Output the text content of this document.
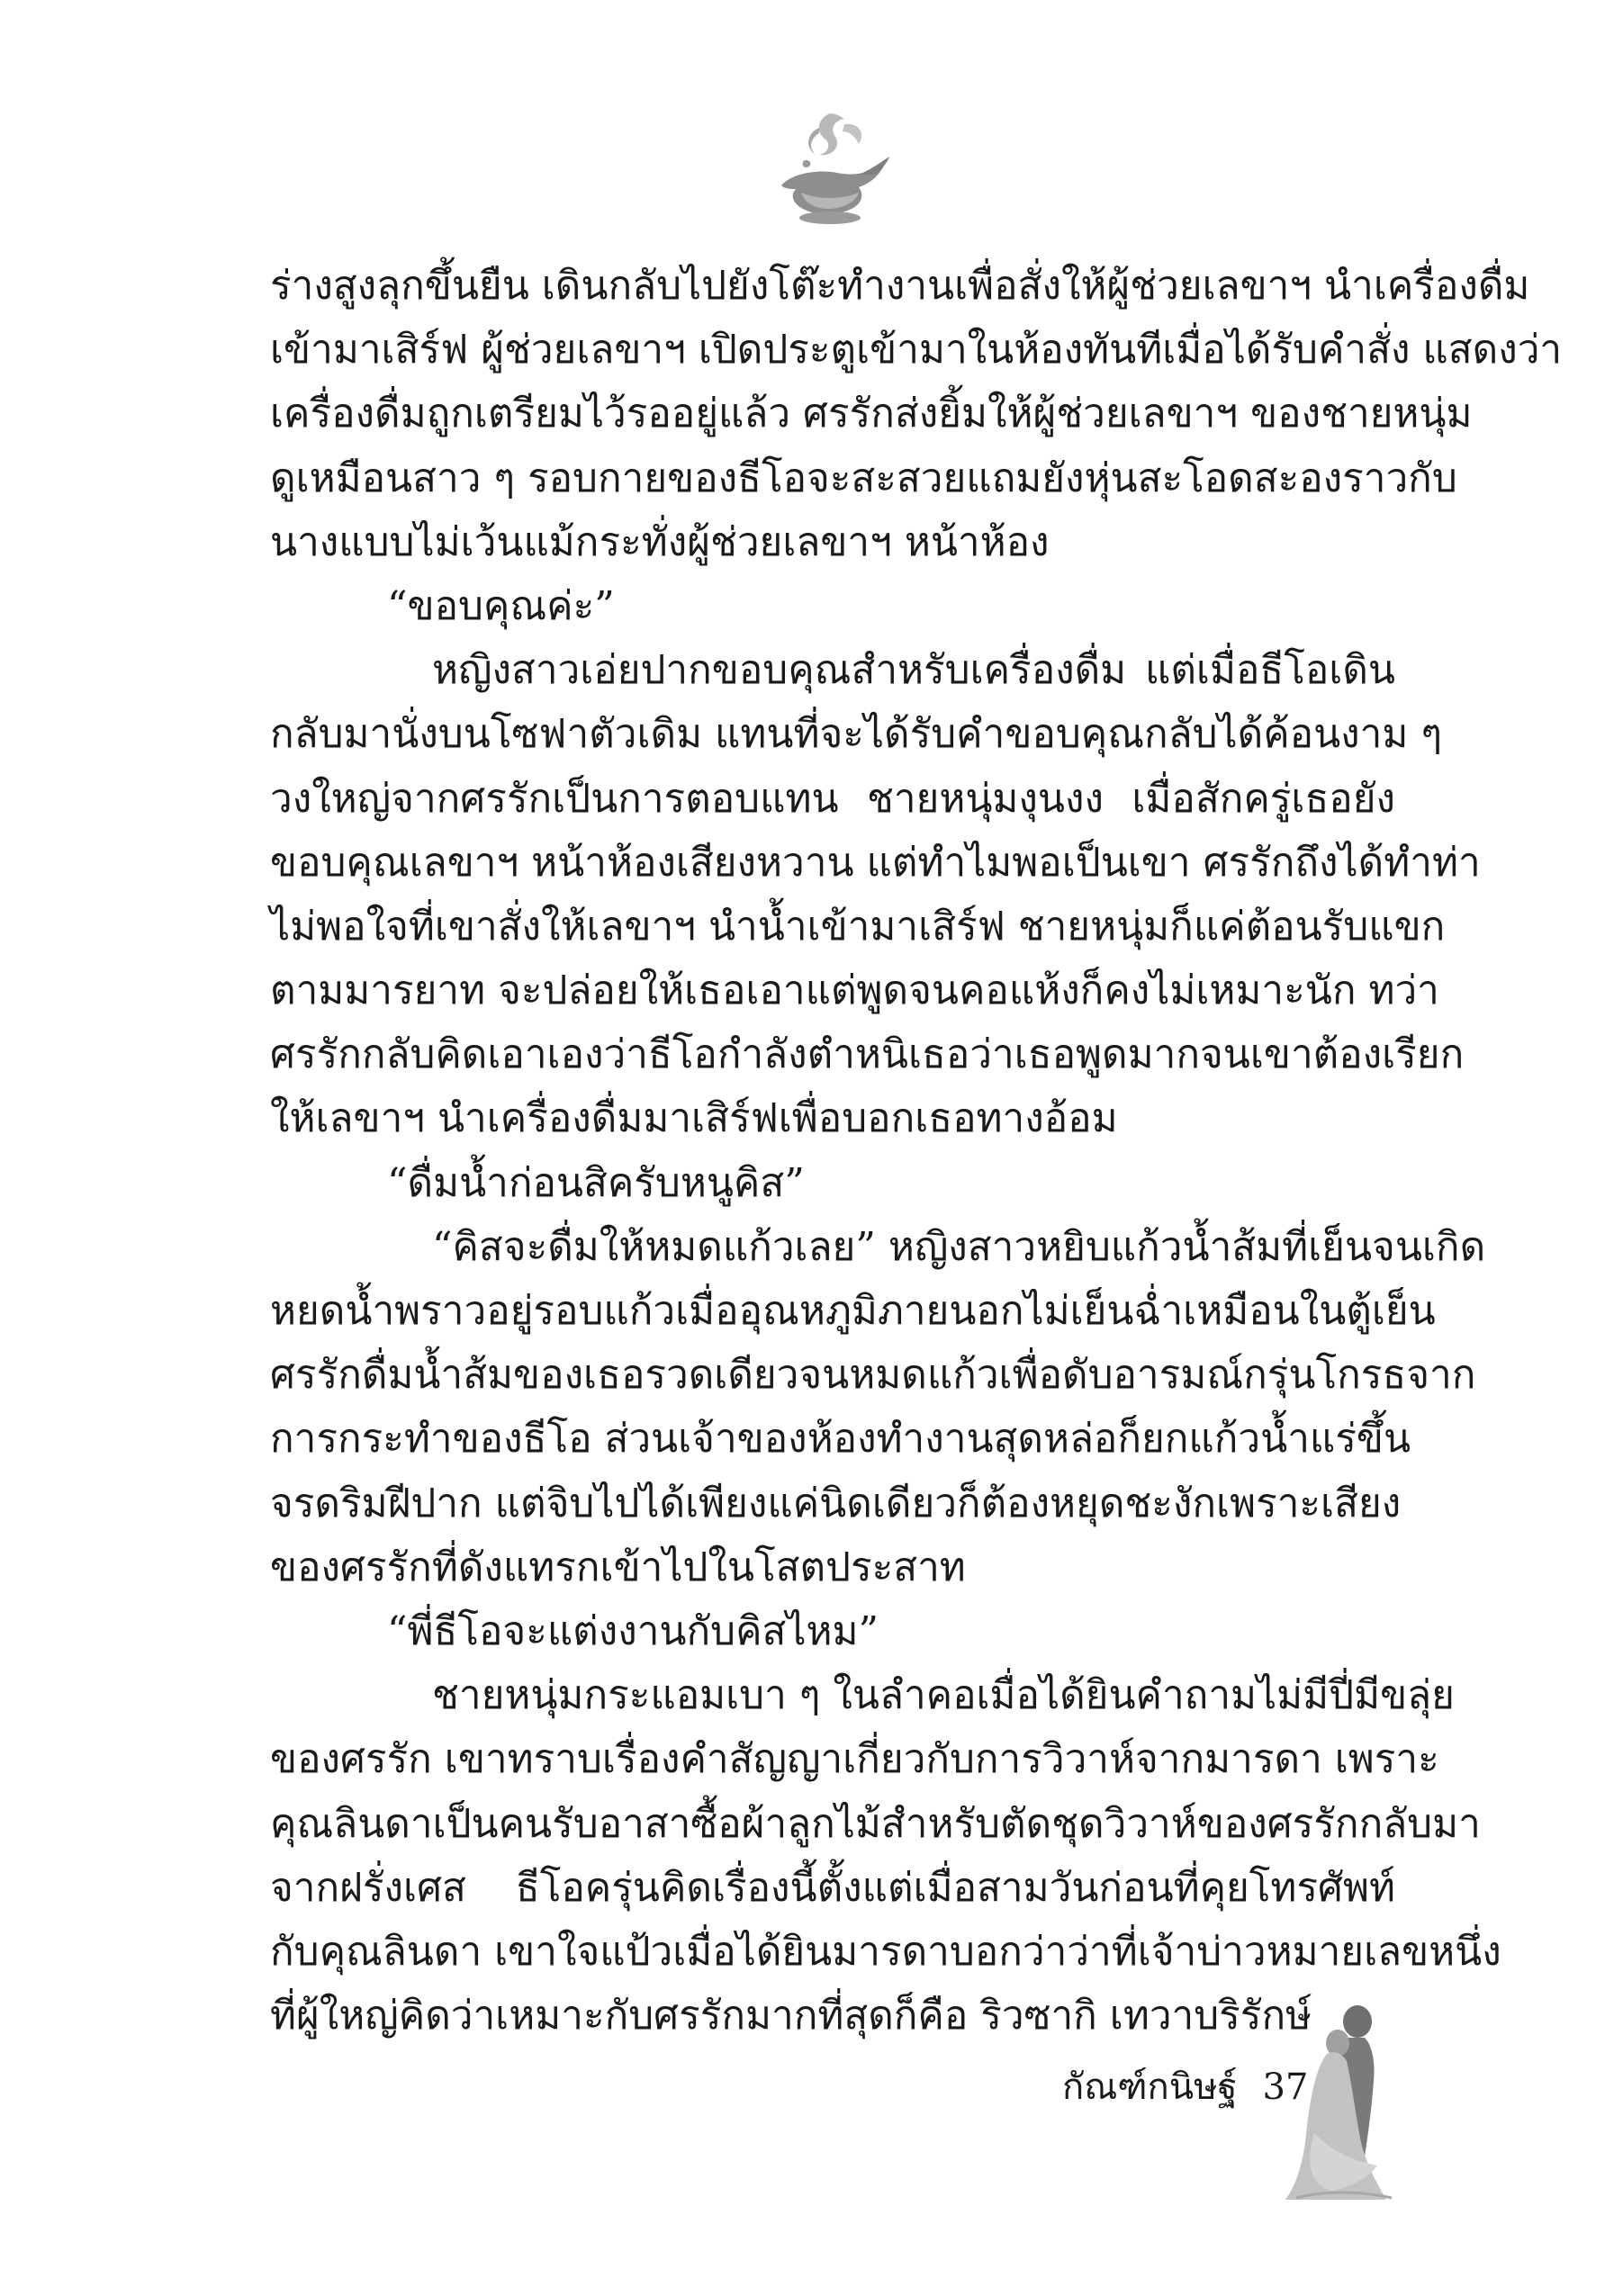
ร่างสูงลุกขึ้นยืน เดินกลับไปยังโต๊ะทำงานเพื่อสั่งให้ผู้ช่วยเลขาฯ นำเครื่องดื่ม
เข้ามาเสิร์ฟ ผู้ช่วยเลขาฯ เปิดประตูเข้ามาในห้องทันทีเมื่อได้รับคำสั่ง แสดงว่า
เครื่องดื่มถูกเตรียมไว้รออยู่แล้ว ศรรักส่งยิ้มให้ผู้ช่วยเลขาฯ ของชายหนุ่ม
ดูเหมือนสาว ๆ รอบกายของธีโอจะสะสวยแถมยังหุ่นสะโอดสะองราวกับ
นางแบบไม่เว้นแม้กระทั่งผู้ช่วยเลขาฯ หน้าห้อง
“ขอบคุณค่ะ”
หญิงสาวเอ่ยปากขอบคุณสำหรับเครื่องดื่ม แต่เมื่อธีโอเดิน
กลับมานั่งบนโซฟาตัวเดิม แทนที่จะได้รับคำขอบคุณกลับได้ค้อนงาม ๆ
วงใหญ่จากศรรักเป็นการตอบแทน ชายหนุ่มงุนงง เมื่อสักครู่เธอยัง
ขอบคุณเลขาฯ หน้าห้องเสียงหวาน แต่ทำไมพอเป็นเขา ศรรักถึงได้ทำท่า
ไม่พอใจที่เขาสั่งให้เลขาฯ นำน้ำเข้ามาเสิร์ฟ ชายหนุ่มก็แค่ต้อนรับแขก
ตามมารยาท จะปล่อยให้เธอเอาแต่พูดจนคอแห้งก็คงไม่เหมาะนัก ทว่า
ศรรักกลับคิดเอาเองว่าธีโอกำลังตำหนิเธอว่าเธอพูดมากจนเขาต้องเรียก
ให้เลขาฯ นำเครื่องดื่มมาเสิร์ฟเพื่อบอกเธอทางอ้อม
“ดื่มน้ำก่อนสิครับหนูคิส”
“คิสจะดื่มให้หมดแก้วเลย” หญิงสาวหยิบแก้วน้ำส้มที่เย็นจนเกิด
หยดน้ำพราวอยู่รอบแก้วเมื่ออุณหภูมิภายนอกไม่เย็นฉ่ำเหมือนในตู้เย็น
ศรรักดื่มน้ำส้มของเธอรวดเดียวจนหมดแก้วเพื่อดับอารมณ์กรุ่นโกรธจาก
การกระทำของธีโอ ส่วนเจ้าของห้องทำงานสุดหล่อก็ยกแก้วน้ำแร่ขึ้น
จรดริมฝีปาก แต่จิบไปได้เพียงแค่นิดเดียวก็ต้องหยุดชะงักเพราะเสียง
ของศรรักที่ดังแทรกเข้าไปในโสตประสาท
“พี่ธีโอจะแต่งงานกับคิสไหม”
ชายหนุ่มกระแอมเบา ๆ ในลำคอเมื่อได้ยินคำถามไม่มีปี่มีขลุ่ย
ของศรรัก เขาทราบเรื่องคำสัญญาเกี่ยวกับการวิวาห์จากมารดา เพราะ
คุณลินดาเป็นคนรับอาสาซื้อผ้าลูกไม้สำหรับตัดชุดวิวาห์ของศรรักกลับมา
จากฝรั่งเศส ธีโอครุ่นคิดเรื่องนี้ตั้งแต่เมื่อสามวันก่อนที่คุยโทรศัพท์
กับคุณลินดา เขาใจแป้วเมื่อได้ยินมารดาบอกว่าว่าที่เจ้าบ่าวหมายเลขหนึ่ง
ที่ผู้ใหญ่คิดว่าเหมาะกับศรรักมากที่สุดก็คือ ริวซากิ เทวาบริรักษ์
กัณฑ์กนิษฐ์ 37
